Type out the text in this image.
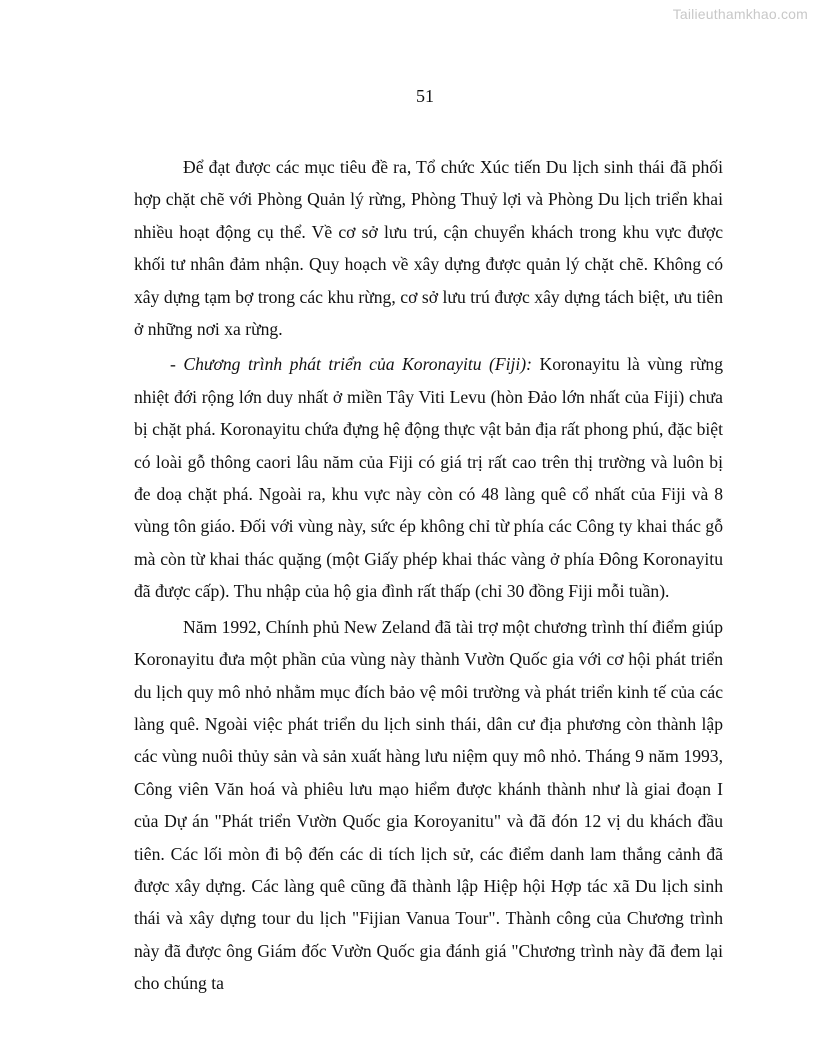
Tailieuthamkhao.com
51

Để đạt được các mục tiêu đề ra, Tổ chức Xúc tiến Du lịch sinh thái đã phối hợp chặt chẽ với Phòng Quản lý rừng, Phòng Thuỷ lợi và Phòng Du lịch triển khai nhiều hoạt động cụ thể. Về cơ sở lưu trú, cận chuyển khách trong khu vực được khối tư nhân đảm nhận. Quy hoạch về xây dựng được quản lý chặt chẽ. Không có xây dựng tạm bợ trong các khu rừng, cơ sở lưu trú được xây dựng tách biệt, ưu tiên ở những nơi xa rừng.

- Chương trình phát triển của Koronayitu (Fiji): Koronayitu là vùng rừng nhiệt đới rộng lớn duy nhất ở miền Tây Viti Levu (hòn Đảo lớn nhất của Fiji) chưa bị chặt phá. Koronayitu chứa đựng hệ động thực vật bản địa rất phong phú, đặc biệt có loài gỗ thông caori lâu năm của Fiji có giá trị rất cao trên thị trường và luôn bị đe doạ chặt phá. Ngoài ra, khu vực này còn có 48 làng quê cổ nhất của Fiji và 8 vùng tôn giáo. Đối với vùng này, sức ép không chỉ từ phía các Công ty khai thác gỗ mà còn từ khai thác quặng (một Giấy phép khai thác vàng ở phía Đông Koronayitu đã được cấp). Thu nhập của hộ gia đình rất thấp (chỉ 30 đồng Fiji mỗi tuần).

Năm 1992, Chính phủ New Zeland đã tài trợ một chương trình thí điểm giúp Koronayitu đưa một phần của vùng này thành Vườn Quốc gia với cơ hội phát triển du lịch quy mô nhỏ nhằm mục đích bảo vệ môi trường và phát triển kinh tế của các làng quê. Ngoài việc phát triển du lịch sinh thái, dân cư địa phương còn thành lập các vùng nuôi thủy sản và sản xuất hàng lưu niệm quy mô nhỏ. Tháng 9 năm 1993, Công viên Văn hoá và phiêu lưu mạo hiểm được khánh thành như là giai đoạn I của Dự án "Phát triển Vườn Quốc gia Koroyanitu" và đã đón 12 vị du khách đầu tiên. Các lối mòn đi bộ đến các di tích lịch sử, các điểm danh lam thắng cảnh đã được xây dựng. Các làng quê cũng đã thành lập Hiệp hội Hợp tác xã Du lịch sinh thái và xây dựng tour du lịch "Fijian Vanua Tour". Thành công của Chương trình này đã được ông Giám đốc Vườn Quốc gia đánh giá "Chương trình này đã đem lại cho chúng ta
